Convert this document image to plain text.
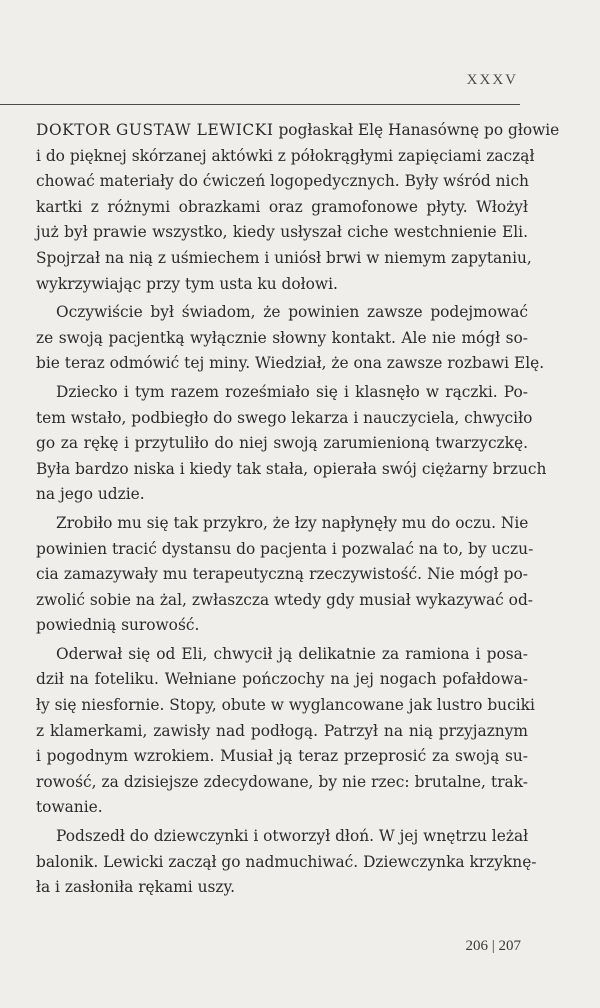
XXXV
DOKTOR GUSTAW LEWICKI pogłaskał Elę Hanasównę po głowie
i do pięknej skórzanej aktówki z półokrągłymi zapięciami zaczął
chować materiały do ćwiczeń logopedycznych. Były wśród nich
kartki z różnymi obrazkami oraz gramofonowe płyty. Włożył
już był prawie wszystko, kiedy usłyszał ciche westchnienie Eli.
Spojrzał na nią z uśmiechem i uniósł brwi w niemym zapytaniu,
wykrzywiając przy tym usta ku dołowi.
Oczywiście był świadom, że powinien zawsze podejmować
ze swoją pacjentką wyłącznie słowny kontakt. Ale nie mógł so-
bie teraz odmówić tej miny. Wiedział, że ona zawsze rozbawi Elę.
Dziecko i tym razem roześmiało się i klasnęło w rączki. Po-
tem wstało, podbiegło do swego lekarza i nauczyciela, chwyciło
go za rękę i przytuliło do niej swoją zarumienioną twarzyczkę.
Była bardzo niska i kiedy tak stała, opierała swój ciężarny brzuch
na jego udzie.
Zrobiło mu się tak przykro, że łzy napłynęły mu do oczu. Nie
powinien tracić dystansu do pacjenta i pozwalać na to, by uczu-
cia zamazywały mu terapeutyczną rzeczywistość. Nie mógł po-
zwolić sobie na żal, zwłaszcza wtedy gdy musiał wykazywać od-
powiednią surowość.
Oderwał się od Eli, chwycił ją delikatnie za ramiona i posa-
dził na foteliku. Wełniane pończochy na jej nogach pofałdowa-
ły się niesfornie. Stopy, obute w wyglancowane jak lustro buciki
z klamerkami, zawisły nad podłogą. Patrzył na nią przyjaznym
i pogodnym wzrokiem. Musiał ją teraz przeprosić za swoją su-
rowość, za dzisiejsze zdecydowane, by nie rzec: brutalne, trak-
towanie.
Podszedł do dziewczynki i otworzył dłoń. W jej wnętrzu leżał
balonik. Lewicki zaczął go nadmuchiwać. Dziewczynka krzyknę-
ła i zasłoniła rękami uszy.
206 | 207
